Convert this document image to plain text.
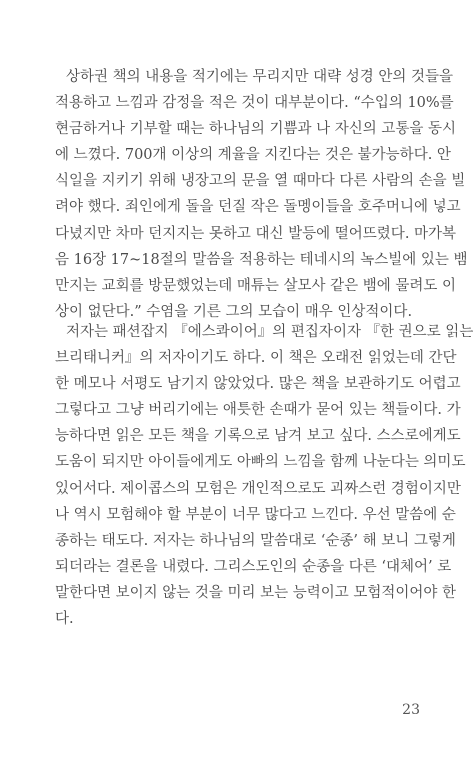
상하권 책의 내용을 적기에는 무리지만 대략 성경 안의 것들을
적용하고 느낌과 감정을 적은 것이 대부분이다. “수입의 10%를
현금하거나 기부할 때는 하나님의 기쁨과 나 자신의 고통을 동시
에 느꼈다. 700개 이상의 계율을 지킨다는 것은 불가능하다. 안
식일을 지키기 위해 냉장고의 문을 열 때마다 다른 사람의 손을 빌
려야 했다. 죄인에게 돌을 던질 작은 돌멩이들을 호주머니에 넣고
다녔지만 차마 던지지는 못하고 대신 발등에 떨어뜨렸다. 마가복
음 16장 17~18절의 말씀을 적용하는 테네시의 녹스빌에 있는 뱀
만지는 교회를 방문했었는데 매튜는 살모사 같은 뱀에 물려도 이
상이 없단다.” 수염을 기른 그의 모습이 매우 인상적이다.
저자는 패션잡지 『에스콰이어』의 편집자이자 『한 권으로 읽는
브리태니커』의 저자이기도 하다. 이 책은 오래전 읽었는데 간단
한 메모나 서평도 남기지 않았었다. 많은 책을 보관하기도 어렵고
그렇다고 그냥 버리기에는 애틋한 손때가 묻어 있는 책들이다. 가
능하다면 읽은 모든 책을 기록으로 남겨 보고 싶다. 스스로에게도
도움이 되지만 아이들에게도 아빠의 느낌을 함께 나눈다는 의미도
있어서다. 제이콥스의 모험은 개인적으로도 괴짜스런 경험이지만
나 역시 모험해야 할 부분이 너무 많다고 느낀다. 우선 말씀에 순
종하는 태도다. 저자는 하나님의 말씀대로 ‘순종’ 해 보니 그렇게
되더라는 결론을 내렸다. 그리스도인의 순종을 다른 ‘대체어’ 로
말한다면 보이지 않는 것을 미리 보는 능력이고 모험적이어야 한
다.
23
